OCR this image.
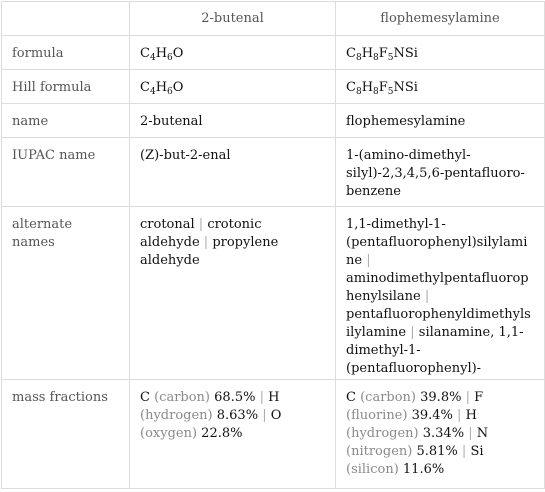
	2-butenal	flophemesylamine
formula	$C_4H_6O$	$C_8H_8F_5NSi$
Hill formula	$C_4H_6O$	$C_8H_8F_5NSi$
name	2-butenal	flophemesylamine
IUPAC name	(Z)-but-2-enal	1-(amino-dimethyl-silyl)-2,3,4,5,6-pentafluoro-benzene
alternate names	crotonal | crotonic aldehyde | propylene aldehyde	1,1-dimethyl-1-(pentafluorophenyl)silylamine | aminodimethylpentafluorophenylsilane | pentafluorophenyldimethylsilylamine | silanamine, 1,1-dimethyl-1-(pentafluorophenyl)-
mass fractions	C (carbon) 68.5% | H (hydrogen) 8.63% | O (oxygen) 22.8%	C (carbon) 39.8% | F (fluorine) 39.4% | H (hydrogen) 3.34% | N (nitrogen) 5.81% | Si (silicon) 11.6%
